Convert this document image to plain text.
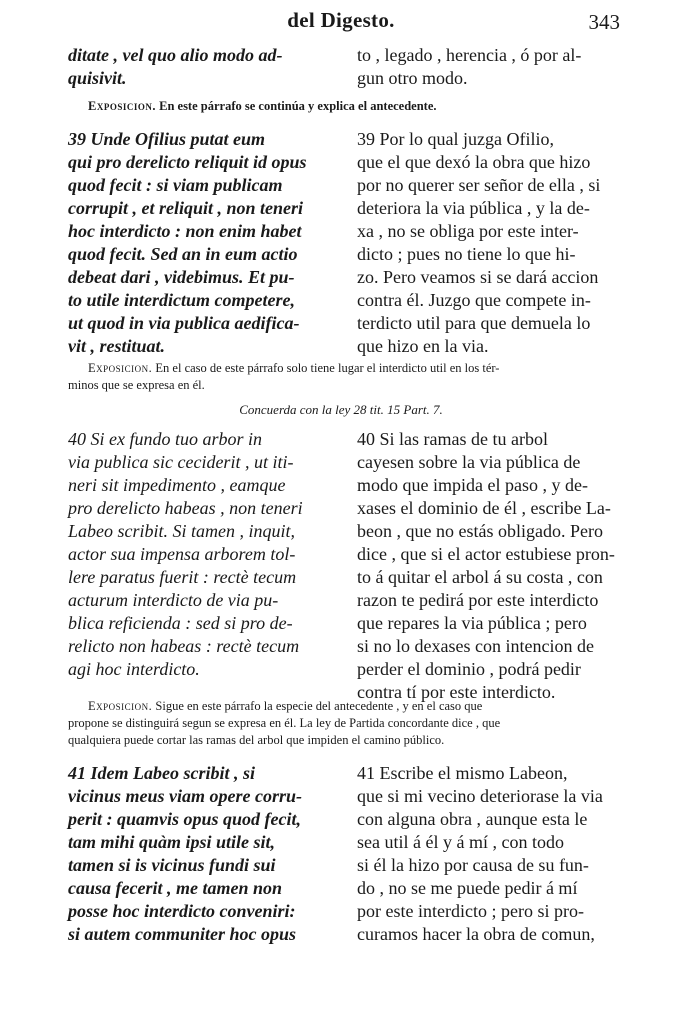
del Digesto.	343
ditate , vel quo alio modo ad-
quisivit.
to , legado , herencia , ó por al-
gun otro modo.
Exposicion. En este párrafo se continúa y explica el antecedente.
39 Unde Ofilius putat eum
qui pro derelicto reliquit id opus
quod fecit : si viam publicam
corrupit , et reliquit , non teneri
hoc interdicto : non enim habet
quod fecit. Sed an in eum actio
debeat dari , videbimus. Et pu-
to utile interdictum competere,
ut quod in via publica aedifica-
vit , restituat.
39 Por lo qual juzga Ofilio,
que el que dexó la obra que hizo
por no querer ser señor de ella , si
deteriora la via pública , y la de-
xa , no se obliga por este inter-
dicto ; pues no tiene lo que hi-
zo. Pero veamos si se dará accion
contra él. Juzgo que compete in-
terdicto util para que demuela lo
que hizo en la via.
Exposicion. En el caso de este párrafo solo tiene lugar el interdicto util en los tér-
minos que se expresa en él.
Concuerda con la ley 28 tit. 15 Part. 7.
40 Si ex fundo tuo arbor in
via publica sic ceciderit , ut iti-
neri sit impedimento , eamque
pro derelicto habeas , non teneri
Labeo scribit. Si tamen , inquit,
actor sua impensa arborem tol-
lere paratus fuerit : rectè tecum
acturum interdicto de via pu-
blica reficienda : sed si pro de-
relicto non habeas : rectè tecum
agi hoc interdicto.
40 Si las ramas de tu arbol
cayesen sobre la via pública de
modo que impida el paso , y de-
xases el dominio de él , escribe La-
beon , que no estás obligado. Pero
dice , que si el actor estubiese pron-
to á quitar el arbol á su costa , con
razon te pedirá por este interdicto
que repares la via pública ; pero
si no lo dexases con intencion de
perder el dominio , podrá pedir
contra tí por este interdicto.
Exposicion. Sigue en este párrafo la especie del antecedente , y en el caso que
propone se distinguirá segun se expresa en él. La ley de Partida concordante dice , que
qualquiera puede cortar las ramas del arbol que impiden el camino público.
41 Idem Labeo scribit , si
vicinus meus viam opere corru-
perit : quamvis opus quod fecit,
tam mihi quàm ipsi utile sit,
tamen si is vicinus fundi sui
causa fecerit , me tamen non
posse hoc interdicto conveniri:
si autem communiter hoc opus
41 Escribe el mismo Labeon,
que si mi vecino deteriorase la via
con alguna obra , aunque esta le
sea util á él y á mí , con todo
si él la hizo por causa de su fun-
do , no se me puede pedir á mí
por este interdicto ; pero si pro-
curamos hacer la obra de comun,
